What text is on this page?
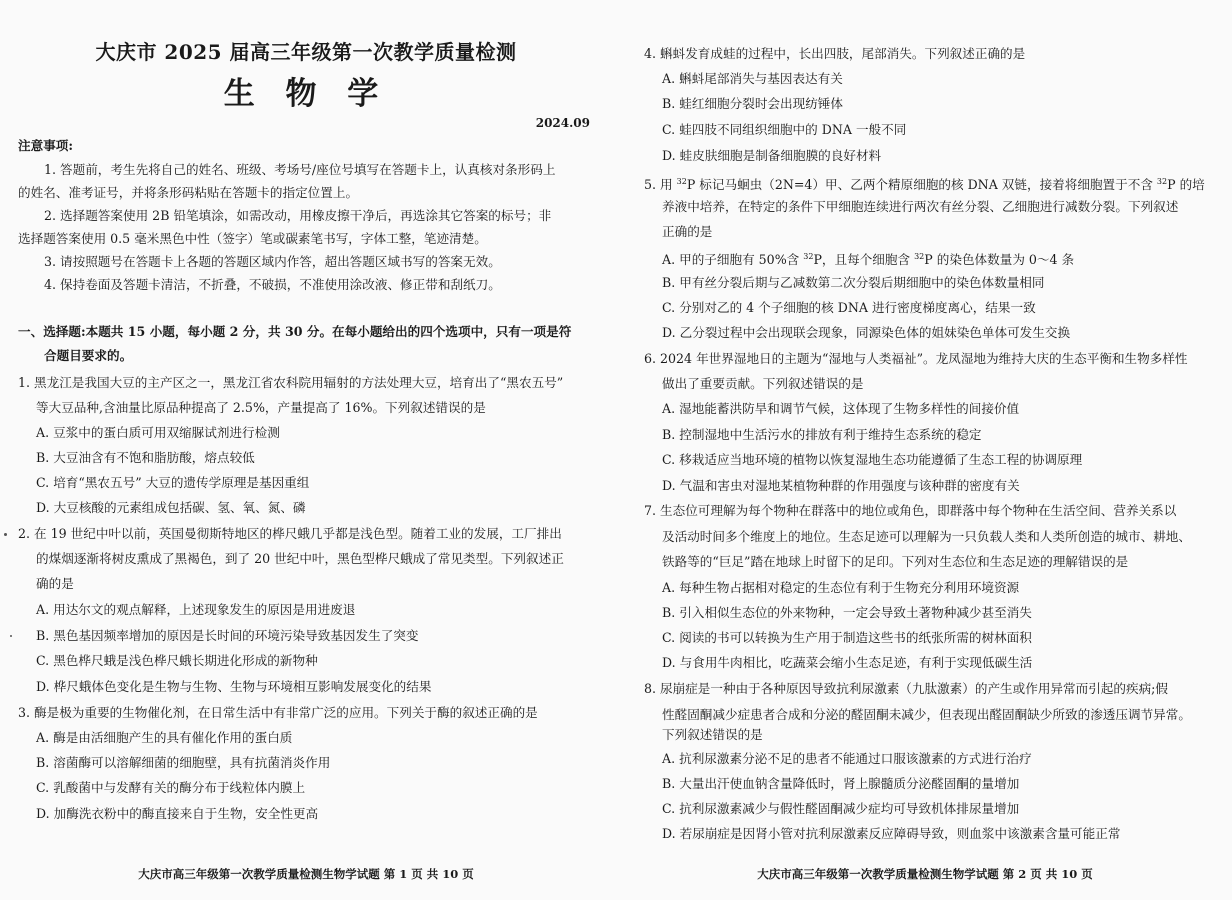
大庆市 2025 届高三年级第一次教学质量检测
生 物 学
2024.09
注意事项:
1. 答题前，考生先将自己的姓名、班级、考场号/座位号填写在答题卡上，认真核对条形码上
的姓名、准考证号，并将条形码粘贴在答题卡的指定位置上。
2. 选择题答案使用 2B 铅笔填涂，如需改动，用橡皮擦干净后，再选涂其它答案的标号；非
选择题答案使用 0.5 毫米黑色中性（签字）笔或碳素笔书写，字体工整，笔迹清楚。
3. 请按照题号在答题卡上各题的答题区域内作答，超出答题区域书写的答案无效。
4. 保持卷面及答题卡清洁，不折叠，不破损，不准使用涂改液、修正带和刮纸刀。
一、选择题:本题共 15 小题，每小题 2 分，共 30 分。在每小题给出的四个选项中，只有一项是符
合题目要求的。
1. 黑龙江是我国大豆的主产区之一，黑龙江省农科院用辐射的方法处理大豆，培育出了“黑农五号”
等大豆品种,含油量比原品种提高了 2.5%，产量提高了 16%。下列叙述错误的是
A. 豆浆中的蛋白质可用双缩脲试剂进行检测
B. 大豆油含有不饱和脂肪酸，熔点较低
C. 培育“黑农五号” 大豆的遗传学原理是基因重组
D. 大豆核酸的元素组成包括碳、氢、氧、氮、磷
2. 在 19 世纪中叶以前，英国曼彻斯特地区的桦尺蛾几乎都是浅色型。随着工业的发展，工厂排出
的煤烟逐渐将树皮熏成了黑褐色，到了 20 世纪中叶，黑色型桦尺蛾成了常见类型。下列叙述正
确的是
A. 用达尔文的观点解释，上述现象发生的原因是用进废退
B. 黑色基因频率增加的原因是长时间的环境污染导致基因发生了突变
C. 黑色桦尺蛾是浅色桦尺蛾长期进化形成的新物种
D. 桦尺蛾体色变化是生物与生物、生物与环境相互影响发展变化的结果
3. 酶是极为重要的生物催化剂，在日常生活中有非常广泛的应用。下列关于酶的叙述正确的是
A. 酶是由活细胞产生的具有催化作用的蛋白质
B. 溶菌酶可以溶解细菌的细胞壁，具有抗菌消炎作用
C. 乳酸菌中与发酵有关的酶分布于线粒体内膜上
D. 加酶洗衣粉中的酶直接来自于生物，安全性更高
大庆市高三年级第一次教学质量检测生物学试题 第 1 页 共 10 页
4. 蝌蚪发育成蛙的过程中，长出四肢，尾部消失。下列叙述正确的是
A. 蝌蚪尾部消失与基因表达有关
B. 蛙红细胞分裂时会出现纺锤体
C. 蛙四肢不同组织细胞中的 DNA 一般不同
D. 蛙皮肤细胞是制备细胞膜的良好材料
5. 用 $^{32}$P 标记马蛔虫（2N=4）甲、乙两个精原细胞的核 DNA 双链，接着将细胞置于不含 $^{32}$P 的培
养液中培养，在特定的条件下甲细胞连续进行两次有丝分裂、乙细胞进行减数分裂。下列叙述
正确的是
A. 甲的子细胞有 50%含 $^{32}$P，且每个细胞含 $^{32}$P 的染色体数量为 0～4 条
B. 甲有丝分裂后期与乙减数第二次分裂后期细胞中的染色体数量相同
C. 分别对乙的 4 个子细胞的核 DNA 进行密度梯度离心，结果一致
D. 乙分裂过程中会出现联会现象，同源染色体的姐妹染色单体可发生交换
6. 2024 年世界湿地日的主题为“湿地与人类福祉”。龙凤湿地为维持大庆的生态平衡和生物多样性
做出了重要贡献。下列叙述错误的是
A. 湿地能蓄洪防旱和调节气候，这体现了生物多样性的间接价值
B. 控制湿地中生活污水的排放有利于维持生态系统的稳定
C. 移栽适应当地环境的植物以恢复湿地生态功能遵循了生态工程的协调原理
D. 气温和害虫对湿地某植物种群的作用强度与该种群的密度有关
7. 生态位可理解为每个物种在群落中的地位或角色，即群落中每个物种在生活空间、营养关系以
及活动时间多个维度上的地位。生态足迹可以理解为一只负载人类和人类所创造的城市、耕地、
铁路等的“巨足”踏在地球上时留下的足印。下列对生态位和生态足迹的理解错误的是
A. 每种生物占据相对稳定的生态位有利于生物充分利用环境资源
B. 引入相似生态位的外来物种，一定会导致土著物种减少甚至消失
C. 阅读的书可以转换为生产用于制造这些书的纸张所需的树林面积
D. 与食用牛肉相比，吃蔬菜会缩小生态足迹，有利于实现低碳生活
8. 尿崩症是一种由于各种原因导致抗利尿激素（九肽激素）的产生或作用异常而引起的疾病;假
性醛固酮减少症患者合成和分泌的醛固酮未减少，但表现出醛固酮缺少所致的渗透压调节异常。
下列叙述错误的是
A. 抗利尿激素分泌不足的患者不能通过口服该激素的方式进行治疗
B. 大量出汗使血钠含量降低时，肾上腺髓质分泌醛固酮的量增加
C. 抗利尿激素减少与假性醛固酮减少症均可导致机体排尿量增加
D. 若尿崩症是因肾小管对抗利尿激素反应障碍导致，则血浆中该激素含量可能正常
大庆市高三年级第一次教学质量检测生物学试题 第 2 页 共 10 页
